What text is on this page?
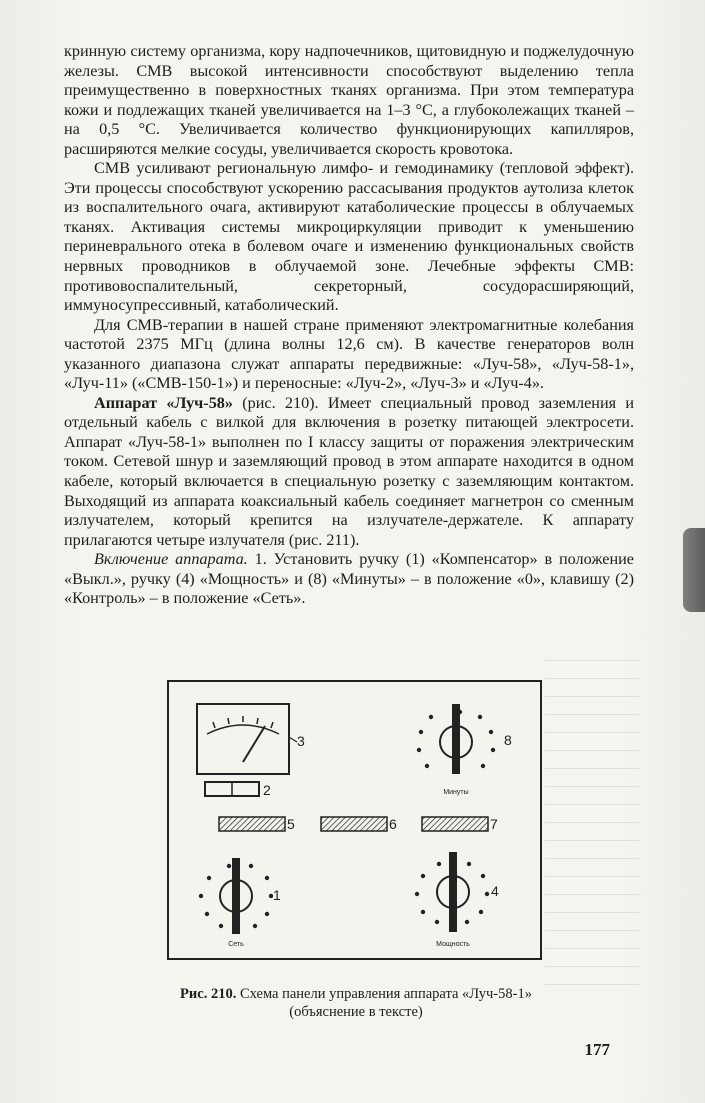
кринную систему организма, кору надпочечников, щитовидную и поджелудочную железы. СМВ высокой интенсивности способствуют выделению тепла преимущественно в поверхностных тканях организма. При этом температура кожи и подлежащих тканей увеличивается на 1–3 °С, а глубоколежащих тканей – на 0,5 °С. Увеличивается количество функционирующих капилляров, расширяются мелкие сосуды, увеличивается скорость кровотока.

СМВ усиливают региональную лимфо- и гемодинамику (тепловой эффект). Эти процессы способствуют ускорению рассасывания продуктов аутолиза клеток из воспалительного очага, активируют катаболические процессы в облучаемых тканях. Активация системы микроциркуляции приводит к уменьшению периневрального отека в болевом очаге и изменению функциональных свойств нервных проводников в облучаемой зоне. Лечебные эффекты СМВ: противовоспалительный, секреторный, сосудорасширяющий, иммуносупрессивный, катаболический.

Для СМВ-терапии в нашей стране применяют электромагнитные колебания частотой 2375 МГц (длина волны 12,6 см). В качестве генераторов волн указанного диапазона служат аппараты передвижные: «Луч-58», «Луч-58-1», «Луч-11» («СМВ-150-1») и переносные: «Луч-2», «Луч-3» и «Луч-4».

Аппарат «Луч-58» (рис. 210). Имеет специальный провод заземления и отдельный кабель с вилкой для включения в розетку питающей электросети. Аппарат «Луч-58-1» выполнен по I классу защиты от поражения электрическим током. Сетевой шнур и заземляющий провод в этом аппарате находится в одном кабеле, который включается в специальную розетку с заземляющим контактом. Выходящий из аппарата коаксиальный кабель соединяет магнетрон со сменным излучателем, который крепится на излучателе-держателе. К аппарату прилагаются четыре излучателя (рис. 211).

Включение аппарата. 1. Установить ручку (1) «Компенсатор» в положение «Выкл.», ручку (4) «Мощность» и (8) «Минуты» – в положение «0», клавишу (2) «Контроль» – в положение «Сеть».

3
2
5	6	7
8
Минуты
1
Сеть
4
Мощность
Рис. 210. Схема панели управления аппарата «Луч-58-1»
(объяснение в тексте)
177
